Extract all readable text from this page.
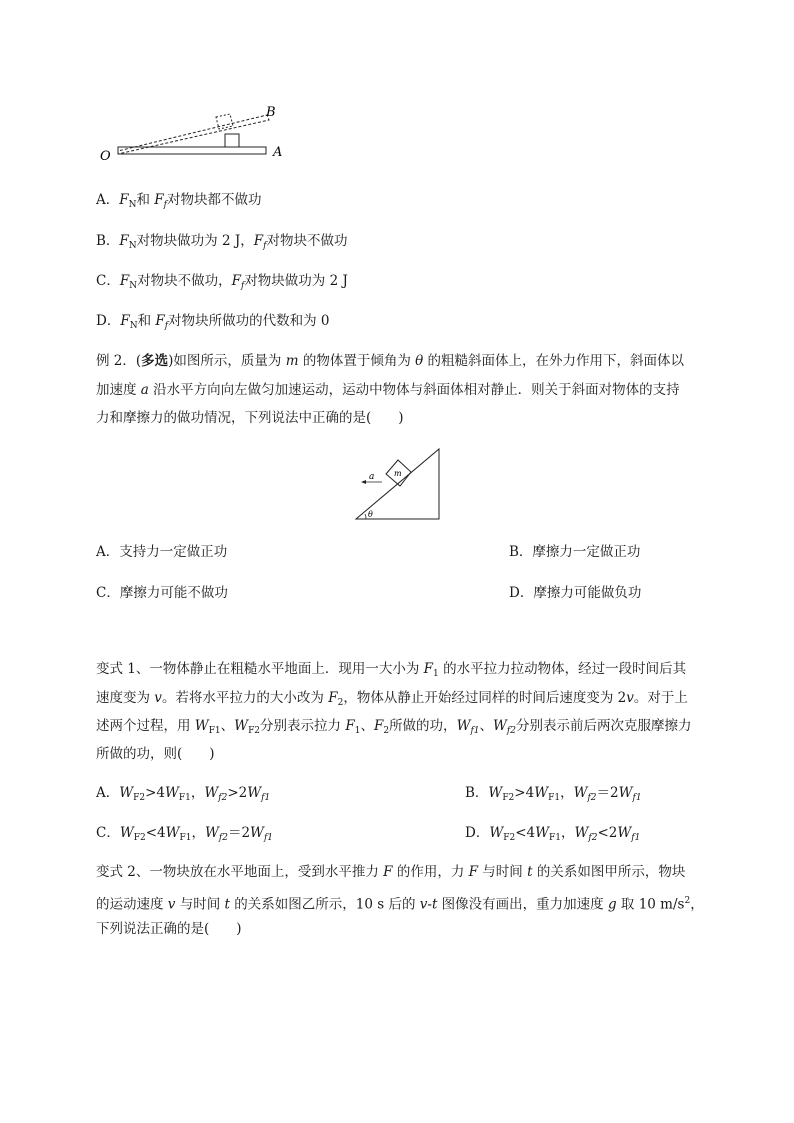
B
O	A
A．$F_N$和 $F_f$对物块都不做功
B．$F_N$对物块做功为 2 J，$F_f$对物块不做功
C．$F_N$对物块不做功，$F_f$对物块做功为 2 J
D．$F_N$和 $F_f$对物块所做功的代数和为 0
例 2．(多选)如图所示，质量为 m 的物体置于倾角为 θ 的粗糙斜面体上，在外力作用下，斜面体以
加速度 a 沿水平方向向左做匀加速运动，运动中物体与斜面体相对静止．则关于斜面对物体的支持
力和摩擦力的做功情况，下列说法中正确的是(　　)
m
a
θ
A．支持力一定做正功	B．摩擦力一定做正功
C．摩擦力可能不做功	D．摩擦力可能做负功
变式 1、一物体静止在粗糙水平地面上．现用一大小为 $F_1$ 的水平拉力拉动物体，经过一段时间后其
速度变为 v。若将水平拉力的大小改为 $F_2$，物体从静止开始经过同样的时间后速度变为 2v。对于上
述两个过程，用 $W_{F1}$、$W_{F2}$分别表示拉力 $F_1$、$F_2$所做的功，$W_{f1}$、$W_{f2}$分别表示前后两次克服摩擦力
所做的功，则(　　)
A．$W_{F2}>4W_{F1}$，$W_{f2}>2W_{f1}$	B．$W_{F2}>4W_{F1}$，$W_{f2}=2W_{f1}$
C．$W_{F2}<4W_{F1}$，$W_{f2}=2W_{f1}$	D．$W_{F2}<4W_{F1}$，$W_{f2}<2W_{f1}$
变式 2、一物块放在水平地面上，受到水平推力 F 的作用，力 F 与时间 t 的关系如图甲所示，物块
的运动速度 v 与时间 t 的关系如图乙所示，10 s 后的 v-t 图像没有画出，重力加速度 g 取 10 $m/s^2$，
下列说法正确的是(　　)
